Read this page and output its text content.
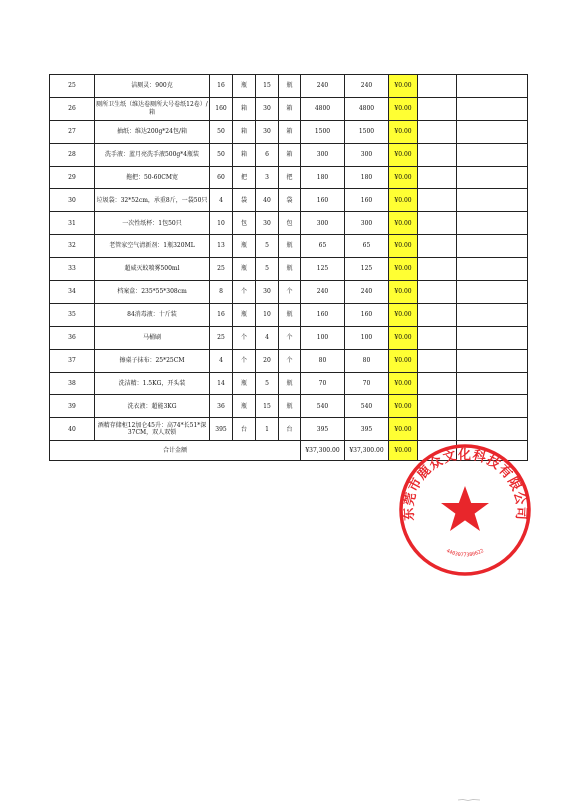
25	洁厕灵：900克	16	瓶	15	瓶	240	240	¥0.00		
26	厕所卫生纸（维达卷厕所大号卷纸12卷）/箱	160	箱	30	箱	4800	4800	¥0.00		
27	抽纸：维达200g*24包/箱	50	箱	30	箱	1500	1500	¥0.00		
28	洗手液：蓝月亮洗手液500g*4瓶装	50	箱	6	箱	300	300	¥0.00		
29	拖把：50-60CM宽	60	把	3	把	180	180	¥0.00		
30	垃圾袋：32*52cm，承重8斤，一袋50只	4	袋	40	袋	160	160	¥0.00		
31	一次性纸杯：1包50只	10	包	30	包	300	300	¥0.00		
32	老管家空气清新剂：1瓶320ML	13	瓶	5	瓶	65	65	¥0.00		
33	超威灭蚊喷雾500ml	25	瓶	5	瓶	125	125	¥0.00		
34	档案盒：235*55*308cm	8	个	30	个	240	240	¥0.00		
35	84消毒液：十斤装	16	瓶	10	瓶	160	160	¥0.00		
36	马桶刷	25	个	4	个	100	100	¥0.00		
37	擦桌子抹布：25*25CM	4	个	20	个	80	80	¥0.00		
38	洗洁精：1.5KG，开头装	14	瓶	5	瓶	70	70	¥0.00		
39	洗衣液：超能3KG	36	瓶	15	瓶	540	540	¥0.00		
40	酒精存储柜12加仑45升：高74*长51*深37CM，双人双锁	395	台	1	台	395	395	¥0.00		
合计金额						¥37,300.00	¥37,300.00	¥0.00		
东莞市鹿众文化科技有限公司
4403077380622
